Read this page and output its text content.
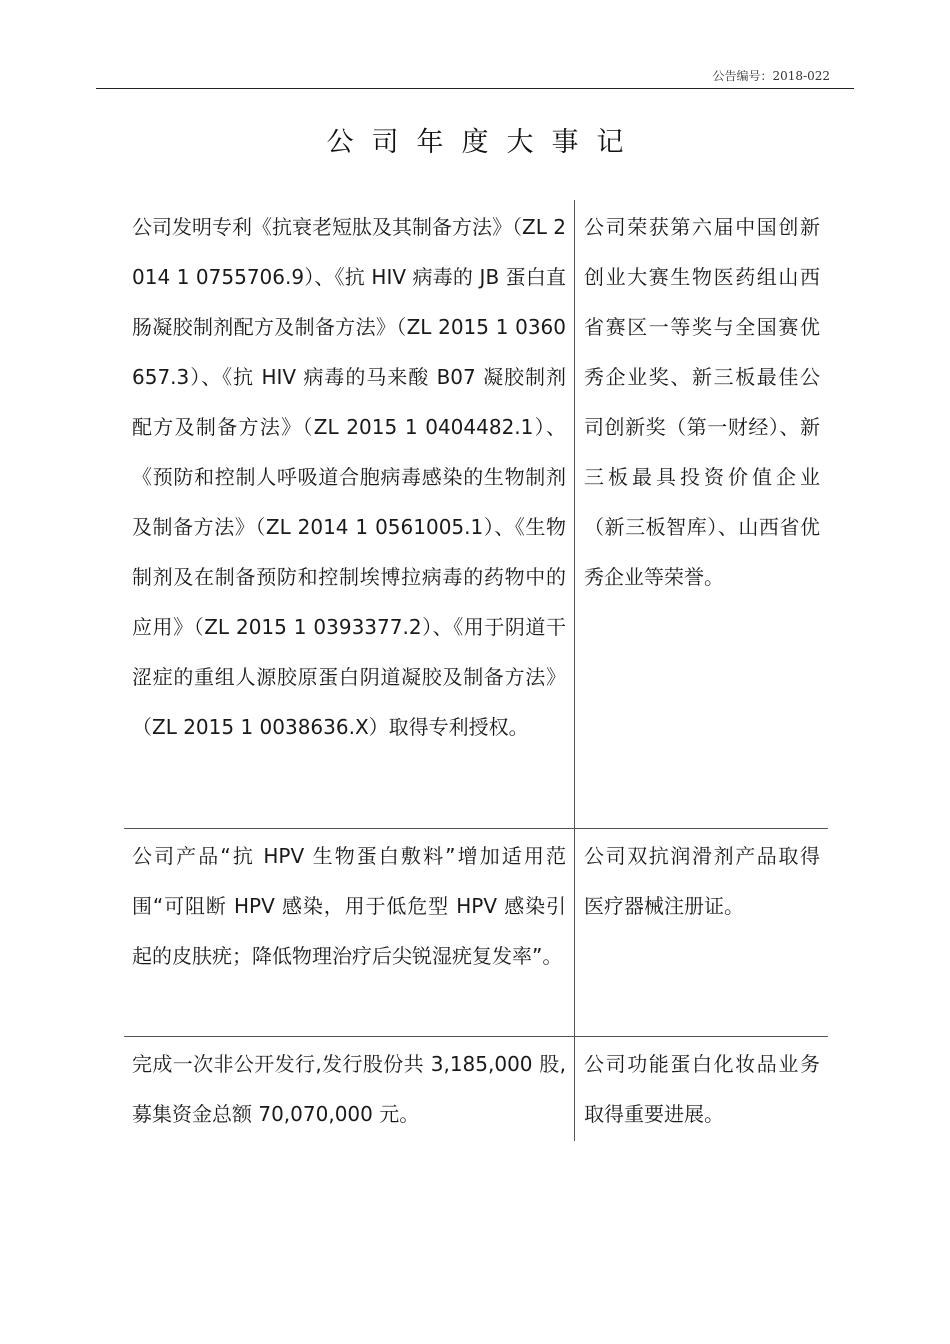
公告编号：2018-022
公司年度大事记
公司发明专利《抗衰老短肽及其制备方法》（ZL 2014 1 0755706.9）、《抗 HIV 病毒的 JB 蛋白直肠凝胶制剂配方及制备方法》（ZL 2015 1 0360657.3）、《抗 HIV 病毒的马来酸 B07 凝胶制剂配方及制备方法》（ZL 2015 1 0404482.1）、《预防和控制人呼吸道合胞病毒感染的生物制剂及制备方法》（ZL 2014 1 0561005.1）、《生物制剂及在制备预防和控制埃博拉病毒的药物中的应用》（ZL 2015 1 0393377.2）、《用于阴道干涩症的重组人源胶原蛋白阴道凝胶及制备方法》（ZL 2015 1 0038636.X）取得专利授权。
公司荣获第六届中国创新创业大赛生物医药组山西省赛区一等奖与全国赛优秀企业奖、新三板最佳公司创新奖（第一财经）、新三板最具投资价值企业（新三板智库）、山西省优秀企业等荣誉。
公司产品“抗 HPV 生物蛋白敷料”增加适用范围“可阻断 HPV 感染，用于低危型 HPV 感染引起的皮肤疣；降低物理治疗后尖锐湿疣复发率”。
公司双抗润滑剂产品取得医疗器械注册证。
完成一次非公开发行,发行股份共 3,185,000 股,募集资金总额 70,070,000 元。
公司功能蛋白化妆品业务取得重要进展。
